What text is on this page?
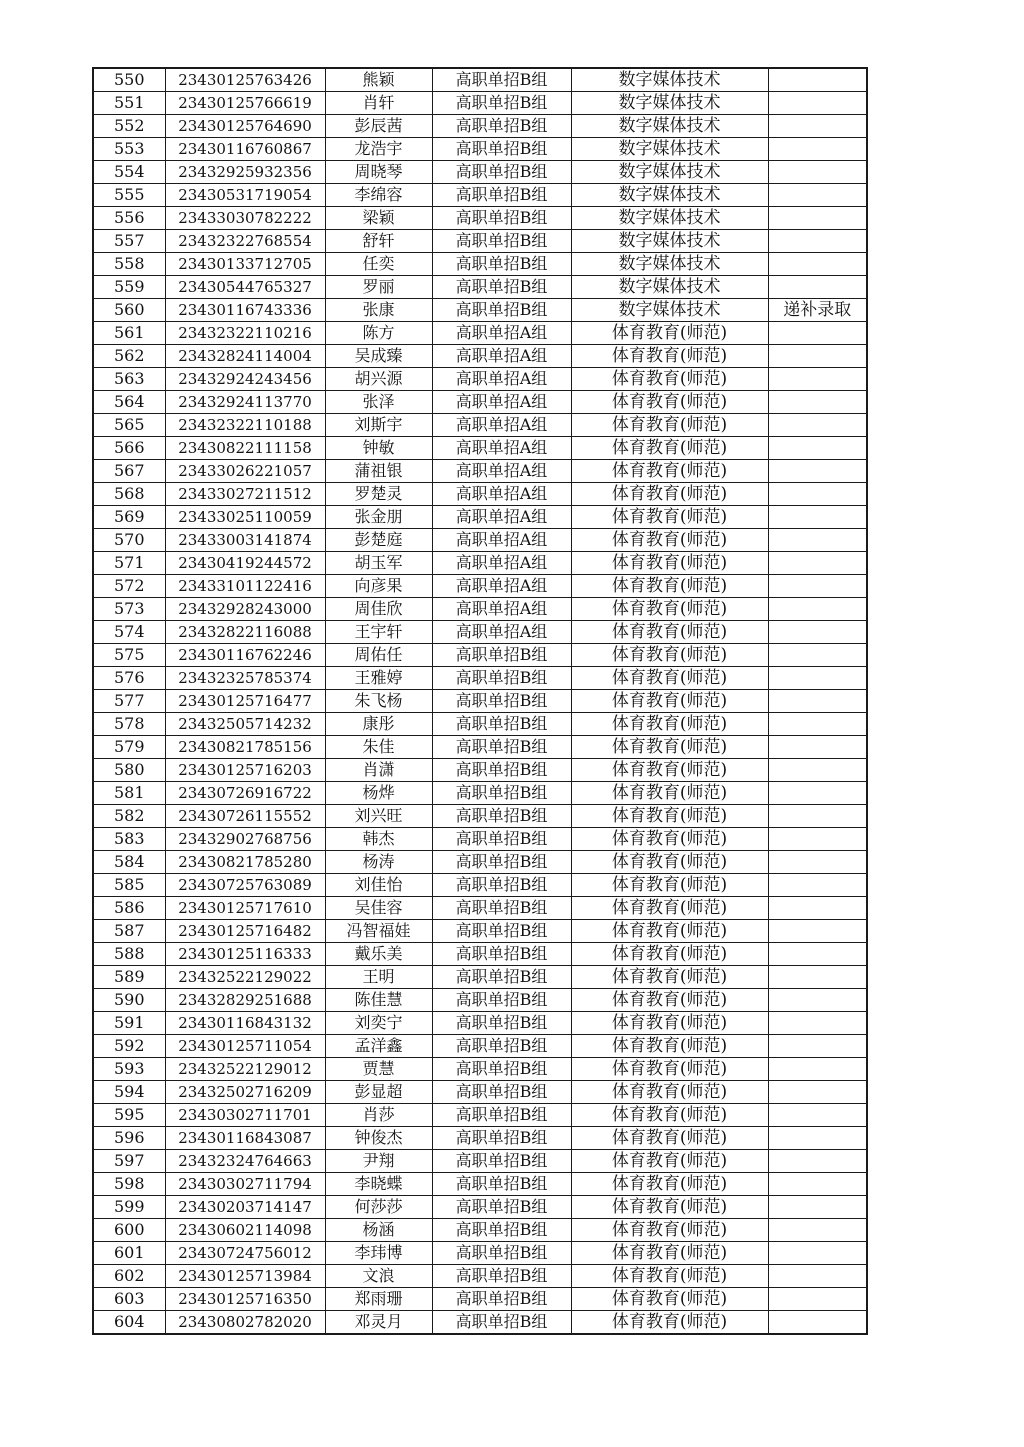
550	23430125763426	熊颖	高职单招B组	数字媒体技术	
551	23430125766619	肖轩	高职单招B组	数字媒体技术	
552	23430125764690	彭辰茜	高职单招B组	数字媒体技术	
553	23430116760867	龙浩宇	高职单招B组	数字媒体技术	
554	23432925932356	周晓琴	高职单招B组	数字媒体技术	
555	23430531719054	李绵容	高职单招B组	数字媒体技术	
556	23433030782222	梁颖	高职单招B组	数字媒体技术	
557	23432322768554	舒轩	高职单招B组	数字媒体技术	
558	23430133712705	任奕	高职单招B组	数字媒体技术	
559	23430544765327	罗丽	高职单招B组	数字媒体技术	
560	23430116743336	张康	高职单招B组	数字媒体技术	递补录取
561	23432322110216	陈方	高职单招A组	体育教育(师范)	
562	23432824114004	吴成臻	高职单招A组	体育教育(师范)	
563	23432924243456	胡兴源	高职单招A组	体育教育(师范)	
564	23432924113770	张泽	高职单招A组	体育教育(师范)	
565	23432322110188	刘斯宇	高职单招A组	体育教育(师范)	
566	23430822111158	钟敏	高职单招A组	体育教育(师范)	
567	23433026221057	蒲祖银	高职单招A组	体育教育(师范)	
568	23433027211512	罗楚灵	高职单招A组	体育教育(师范)	
569	23433025110059	张金朋	高职单招A组	体育教育(师范)	
570	23433003141874	彭楚庭	高职单招A组	体育教育(师范)	
571	23430419244572	胡玉军	高职单招A组	体育教育(师范)	
572	23433101122416	向彦果	高职单招A组	体育教育(师范)	
573	23432928243000	周佳欣	高职单招A组	体育教育(师范)	
574	23432822116088	王宇轩	高职单招A组	体育教育(师范)	
575	23430116762246	周佑任	高职单招B组	体育教育(师范)	
576	23432325785374	王雅婷	高职单招B组	体育教育(师范)	
577	23430125716477	朱飞杨	高职单招B组	体育教育(师范)	
578	23432505714232	康彤	高职单招B组	体育教育(师范)	
579	23430821785156	朱佳	高职单招B组	体育教育(师范)	
580	23430125716203	肖潇	高职单招B组	体育教育(师范)	
581	23430726916722	杨烨	高职单招B组	体育教育(师范)	
582	23430726115552	刘兴旺	高职单招B组	体育教育(师范)	
583	23432902768756	韩杰	高职单招B组	体育教育(师范)	
584	23430821785280	杨涛	高职单招B组	体育教育(师范)	
585	23430725763089	刘佳怡	高职单招B组	体育教育(师范)	
586	23430125717610	吴佳容	高职单招B组	体育教育(师范)	
587	23430125716482	冯智福娃	高职单招B组	体育教育(师范)	
588	23430125116333	戴乐美	高职单招B组	体育教育(师范)	
589	23432522129022	王明	高职单招B组	体育教育(师范)	
590	23432829251688	陈佳慧	高职单招B组	体育教育(师范)	
591	23430116843132	刘奕宁	高职单招B组	体育教育(师范)	
592	23430125711054	孟洋鑫	高职单招B组	体育教育(师范)	
593	23432522129012	贾慧	高职单招B组	体育教育(师范)	
594	23432502716209	彭显超	高职单招B组	体育教育(师范)	
595	23430302711701	肖莎	高职单招B组	体育教育(师范)	
596	23430116843087	钟俊杰	高职单招B组	体育教育(师范)	
597	23432324764663	尹翔	高职单招B组	体育教育(师范)	
598	23430302711794	李晓蝶	高职单招B组	体育教育(师范)	
599	23430203714147	何莎莎	高职单招B组	体育教育(师范)	
600	23430602114098	杨涵	高职单招B组	体育教育(师范)	
601	23430724756012	李玮博	高职单招B组	体育教育(师范)	
602	23430125713984	文浪	高职单招B组	体育教育(师范)	
603	23430125716350	郑雨珊	高职单招B组	体育教育(师范)	
604	23430802782020	邓灵月	高职单招B组	体育教育(师范)	
